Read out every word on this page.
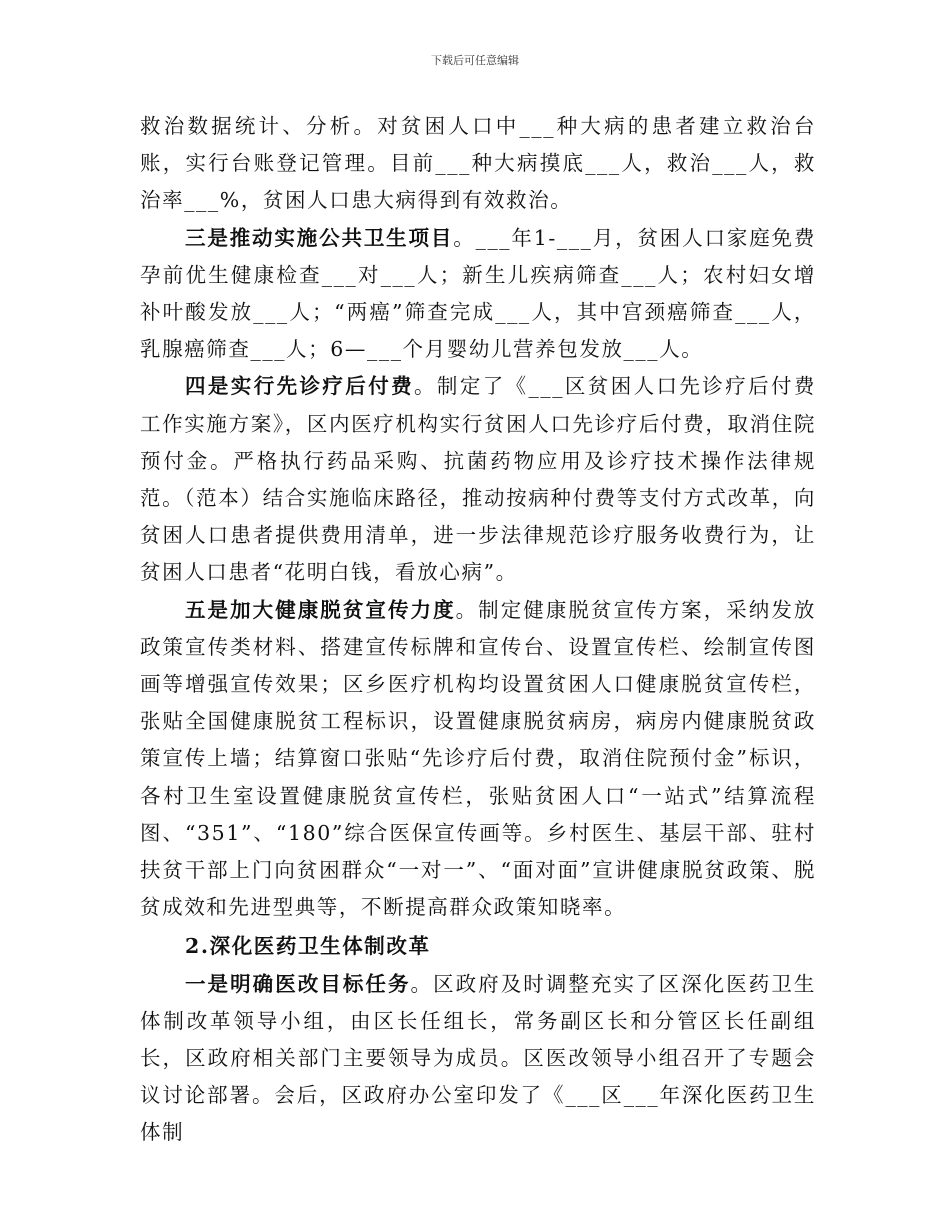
下载后可任意编辑

救治数据统计、分析。对贫困人口中___种大病的患者建立救治台账，实行台账登记管理。目前___种大病摸底___人，救治___人，救治率___%，贫困人口患大病得到有效救治。

三是推动实施公共卫生项目。___年1-___月，贫困人口家庭免费孕前优生健康检查___对___人；新生儿疾病筛查___人；农村妇女增补叶酸发放___人；“两癌”筛查完成___人，其中宫颈癌筛查___人，乳腺癌筛查___人；6—___个月婴幼儿营养包发放___人。

四是实行先诊疗后付费。制定了《___区贫困人口先诊疗后付费工作实施方案》，区内医疗机构实行贫困人口先诊疗后付费，取消住院预付金。严格执行药品采购、抗菌药物应用及诊疗技术操作法律规范。（范本）结合实施临床路径，推动按病种付费等支付方式改革，向贫困人口患者提供费用清单，进一步法律规范诊疗服务收费行为，让贫困人口患者“花明白钱，看放心病”。

五是加大健康脱贫宣传力度。制定健康脱贫宣传方案，采纳发放政策宣传类材料、搭建宣传标牌和宣传台、设置宣传栏、绘制宣传图画等增强宣传效果；区乡医疗机构均设置贫困人口健康脱贫宣传栏，张贴全国健康脱贫工程标识，设置健康脱贫病房，病房内健康脱贫政策宣传上墙；结算窗口张贴“先诊疗后付费，取消住院预付金”标识，各村卫生室设置健康脱贫宣传栏，张贴贫困人口“一站式”结算流程图、“351”、“180”综合医保宣传画等。乡村医生、基层干部、驻村扶贫干部上门向贫困群众“一对一”、“面对面”宣讲健康脱贫政策、脱贫成效和先进型典等，不断提高群众政策知晓率。

2.深化医药卫生体制改革

一是明确医改目标任务。区政府及时调整充实了区深化医药卫生体制改革领导小组，由区长任组长，常务副区长和分管区长任副组长，区政府相关部门主要领导为成员。区医改领导小组召开了专题会议讨论部署。会后，区政府办公室印发了《___区___年深化医药卫生体制
